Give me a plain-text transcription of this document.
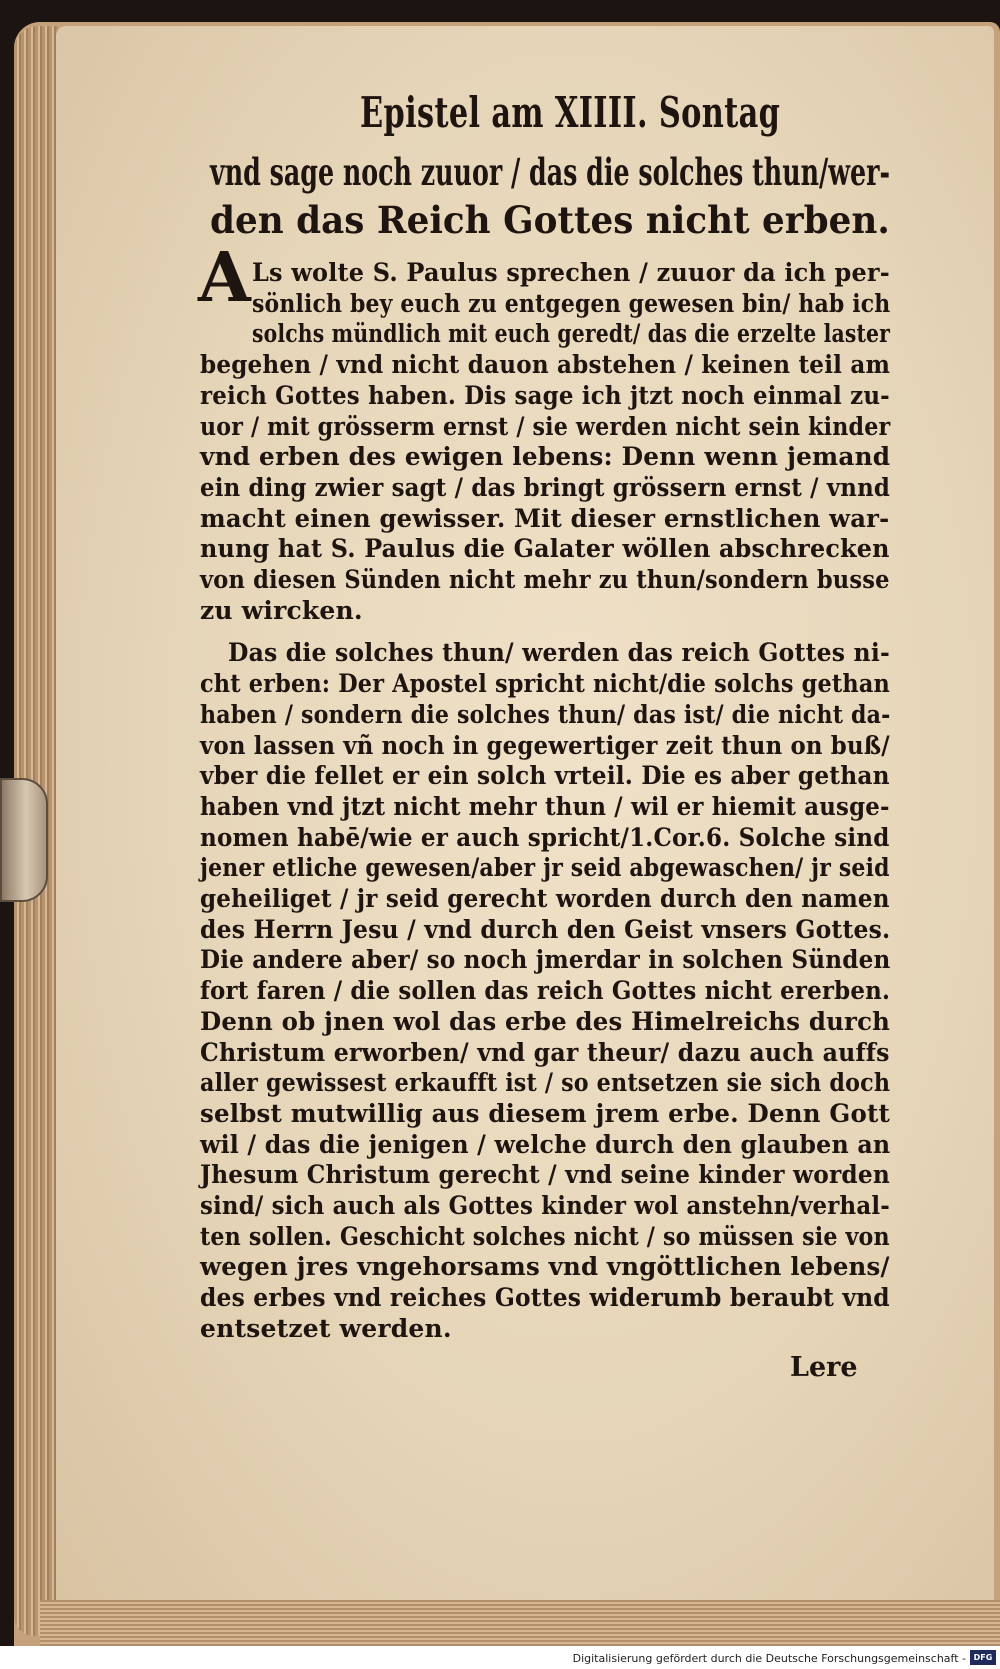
Epistel am XIIII. Sontag
vnd sage noch zuuor / das die solches thun/wer-
den das Reich Gottes nicht erben.
A Ls wolte S. Paulus sprechen / zuuor da ich per-
sönlich bey euch zu entgegen gewesen bin/ hab ich
solchs mündlich mit euch geredt/ das die erzelte laster
begehen / vnd nicht dauon abstehen / keinen teil am
reich Gottes haben. Dis sage ich jtzt noch einmal zu-
uor / mit grösserm ernst / sie werden nicht sein kinder
vnd erben des ewigen lebens: Denn wenn jemand
ein ding zwier sagt / das bringt grössern ernst / vnnd
macht einen gewisser. Mit dieser ernstlichen war-
nung hat S. Paulus die Galater wöllen abschrecken
von diesen Sünden nicht mehr zu thun/sondern busse
zu wircken.
Das die solches thun/ werden das reich Gottes ni-
cht erben: Der Apostel spricht nicht/die solchs gethan
haben / sondern die solches thun/ das ist/ die nicht da-
von lassen vñ noch in gegewertiger zeit thun on buß/
vber die fellet er ein solch vrteil. Die es aber gethan
haben vnd jtzt nicht mehr thun / wil er hiemit ausge-
nomen habē/wie er auch spricht/1.Cor.6. Solche sind
jener etliche gewesen/aber jr seid abgewaschen/ jr seid
geheiliget / jr seid gerecht worden durch den namen
des Herrn Jesu / vnd durch den Geist vnsers Gottes.
Die andere aber/ so noch jmerdar in solchen Sünden
fort faren / die sollen das reich Gottes nicht ererben.
Denn ob jnen wol das erbe des Himelreichs durch
Christum erworben/ vnd gar theur/ dazu auch auffs
aller gewissest erkaufft ist / so entsetzen sie sich doch
selbst mutwillig aus diesem jrem erbe. Denn Gott
wil / das die jenigen / welche durch den glauben an
Jhesum Christum gerecht / vnd seine kinder worden
sind/ sich auch als Gottes kinder wol anstehn/verhal-
ten sollen. Geschicht solches nicht / so müssen sie von
wegen jres vngehorsams vnd vngöttlichen lebens/
des erbes vnd reiches Gottes widerumb beraubt vnd
entsetzet werden.
Lere
Digitalisierung gefördert durch die Deutsche Forschungsgemeinschaft - DFG
